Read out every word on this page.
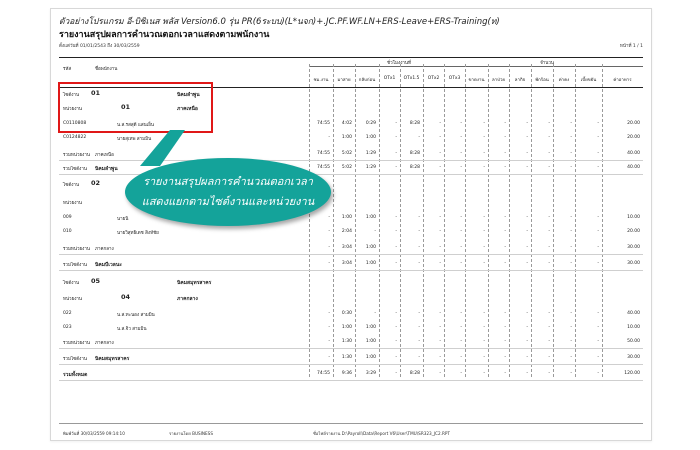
ตัวอย่างโปรแกรม อี-บิซิเนส พลัส Version6.0 รุ่น PR(6ระบบ)(L*นจก)+.JC.PF.WF.LN+ERS-Leave+ERS-Training(ท)
รายงานสรุปผลการคำนวณตอกเวลาแสดงตามพนักงาน
ตั้งแต่วันที่ 01/01/2543 ถึง 30/03/2559	หน้าที่ 1 / 1
รหัส	ชื่อพนักงาน
ชั่วโมงงานที่	จำนวน
ชม.งาน	มาสาย	กลับก่อน	OTx1	OTx1.5	OTx2	OTx3	ขาดงาน	ลาป่วย	ลากิจ	พักร้อน	ค่าคง	เบี้ยขยัน	ค่าอาหาร
ไซต์งาน 01	นิคมลำพูน
หน่วยงาน	01	ภาคเหนือ
C0110808	น.ส.รสสุดี แสนเย็น	74:55	4:02	0:29	-	8:28	-	-	-	-	-	-	-	-	20.00
C0124822	นายสุเทพ สามมิน	-	1:00	1:00	-	-	-	-	-	-	-	-	-	-	20.00
รวมหน่วยงาน ภาคเหนือ	74:55	5:02	1:29	-	8:28	-	-	-	-	-	-	-	-	40.00
รวมไซต์งาน นิคมลำพูน	74:55	5:02	1:29	-	8:28	-	-	-	-	-	-	-	-	40.00
ไซต์งาน 02
หน่วยงาน
009	นายนิ	-	1:00	1:00	-	-	-	-	-	-	-	-	-	-	10.00
010	นายวิสุทธิเดช สิงห์ชัย	-	2:04	-	-	-	-	-	-	-	-	-	-	-	20.00
รวมหน่วยงาน ภาคกลาง	-	3:04	1:00	-	-	-	-	-	-	-	-	-	-	30.00
รวมไซต์งาน นิคมบีเวลนะ	-	3:04	1:00	-	-	-	-	-	-	-	-	-	-	30.00
ไซต์งาน 05	นิคมสมุทรสาคร
หน่วยงาน	04	ภาคกลาง
022	น.ส.ทะนอง สามมิน	-	0:30	-	-	-	-	-	-	-	-	-	-	-	40.00
023	น.ส.จิว สามมิน	-	1:00	1:00	-	-	-	-	-	-	-	-	-	-	10.00
รวมหน่วยงาน ภาคกลาง	-	1:30	1:00	-	-	-	-	-	-	-	-	-	-	50.00
รวมไซต์งาน นิคมสมุทรสาคร	-	1:30	1:00	-	-	-	-	-	-	-	-	-	-	30.00
รวมทั้งหมด	74:55	9:36	3:29	-	8:28	-	-	-	-	-	-	-	-	120.00
พิมพ์วันที่ 30/03/2559 09:14:10	รายงานโดย BUSINESS	ชื่อไฟล์รายงาน D:\Payroll\Data\Report V6\User\TMU\SR323_JC2.RPT
รายงานสรุปผลการคำนวณตอกเวลา
แสดงแยกตามไซต์งานและหน่วยงาน
